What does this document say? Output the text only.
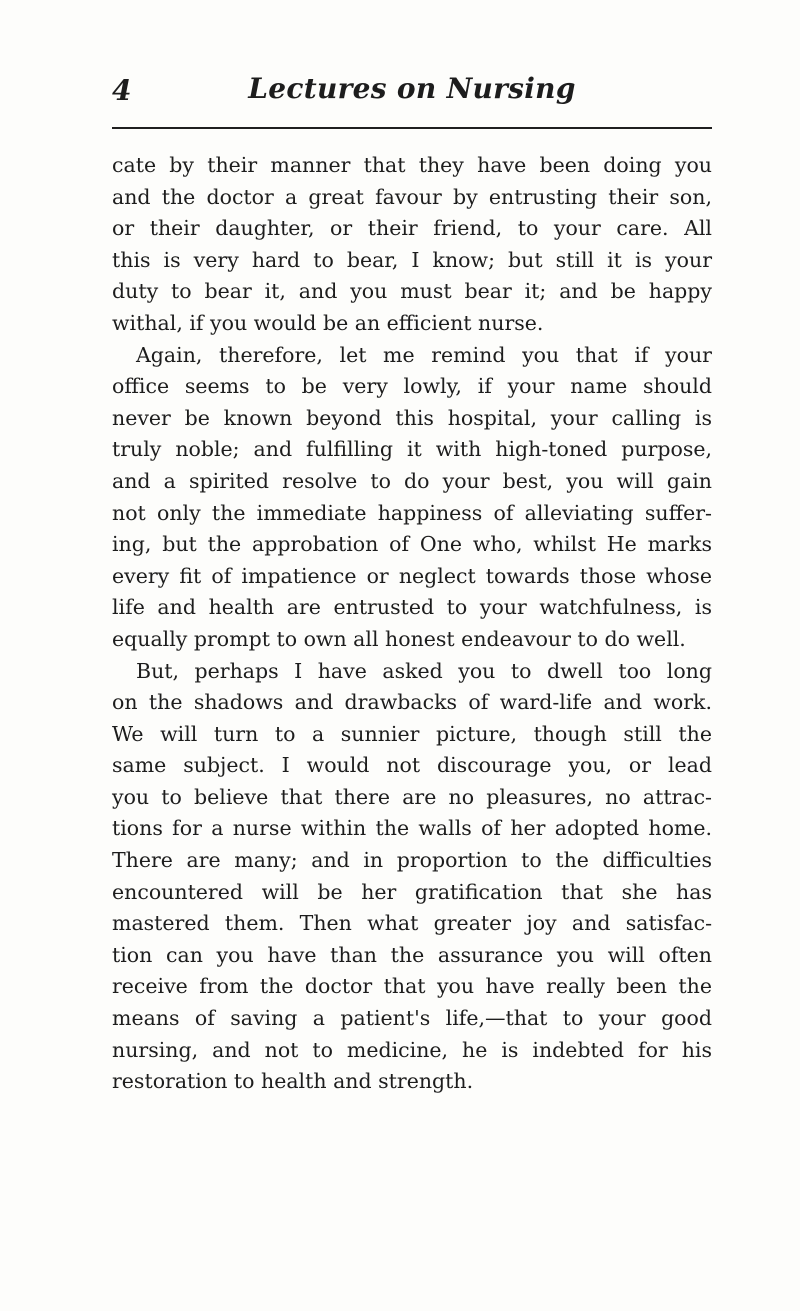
4	Lectures on Nursing
cate by their manner that they have been doing you
and the doctor a great favour by entrusting their son,
or their daughter, or their friend, to your care. All
this is very hard to bear, I know; but still it is your
duty to bear it, and you must bear it; and be happy
withal, if you would be an efficient nurse.
Again, therefore, let me remind you that if your
office seems to be very lowly, if your name should
never be known beyond this hospital, your calling is
truly noble; and fulfilling it with high-toned purpose,
and a spirited resolve to do your best, you will gain
not only the immediate happiness of alleviating suffer-
ing, but the approbation of One who, whilst He marks
every fit of impatience or neglect towards those whose
life and health are entrusted to your watchfulness, is
equally prompt to own all honest endeavour to do well.
But, perhaps I have asked you to dwell too long
on the shadows and drawbacks of ward-life and work.
We will turn to a sunnier picture, though still the
same subject. I would not discourage you, or lead
you to believe that there are no pleasures, no attrac-
tions for a nurse within the walls of her adopted home.
There are many; and in proportion to the difficulties
encountered will be her gratification that she has
mastered them. Then what greater joy and satisfac-
tion can you have than the assurance you will often
receive from the doctor that you have really been the
means of saving a patient's life,—that to your good
nursing, and not to medicine, he is indebted for his
restoration to health and strength.
